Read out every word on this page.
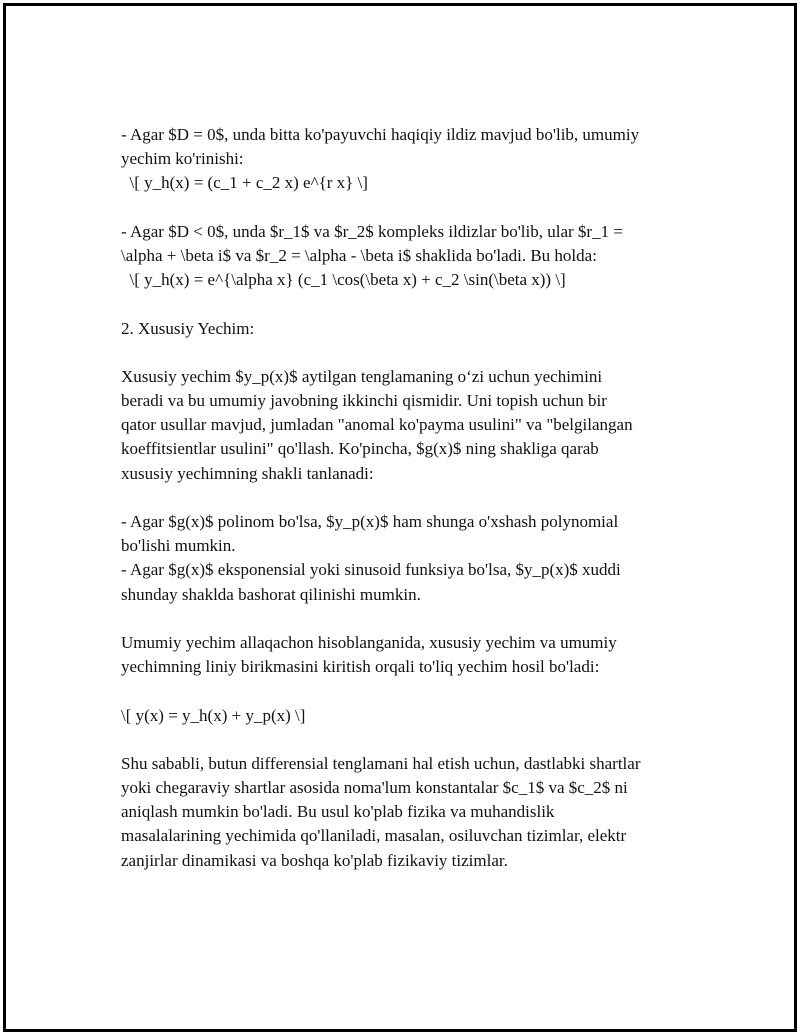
- Agar $D = 0$, unda bitta ko'payuvchi haqiqiy ildiz mavjud bo'lib, umumiy
yechim ko'rinishi:
\[ y_h(x) = (c_1 + c_2 x) e^{r x} \]
- Agar $D < 0$, unda $r_1$ va $r_2$ kompleks ildizlar bo'lib, ular $r_1 =
\alpha + \beta i$ va $r_2 = \alpha - \beta i$ shaklida bo'ladi. Bu holda:
\[ y_h(x) = e^{\alpha x} (c_1 \cos(\beta x) + c_2 \sin(\beta x)) \]
2. Xususiy Yechim:
Xususiy yechim $y_p(x)$ aytilgan tenglamaning o‘zi uchun yechimini
beradi va bu umumiy javobning ikkinchi qismidir. Uni topish uchun bir
qator usullar mavjud, jumladan "anomal ko'payma usulini" va "belgilangan
koeffitsientlar usulini" qo'llash. Ko'pincha, $g(x)$ ning shakliga qarab
xususiy yechimning shakli tanlanadi:
- Agar $g(x)$ polinom bo'lsa, $y_p(x)$ ham shunga o'xshash polynomial
bo'lishi mumkin.
- Agar $g(x)$ eksponensial yoki sinusoid funksiya bo'lsa, $y_p(x)$ xuddi
shunday shaklda bashorat qilinishi mumkin.
Umumiy yechim allaqachon hisoblanganida, xususiy yechim va umumiy
yechimning liniy birikmasini kiritish orqali to'liq yechim hosil bo'ladi:
\[ y(x) = y_h(x) + y_p(x) \]
Shu sababli, butun differensial tenglamani hal etish uchun, dastlabki shartlar
yoki chegaraviy shartlar asosida noma'lum konstantalar $c_1$ va $c_2$ ni
aniqlash mumkin bo'ladi. Bu usul ko'plab fizika va muhandislik
masalalarining yechimida qo'llaniladi, masalan, osiluvchan tizimlar, elektr
zanjirlar dinamikasi va boshqa ko'plab fizikaviy tizimlar.
